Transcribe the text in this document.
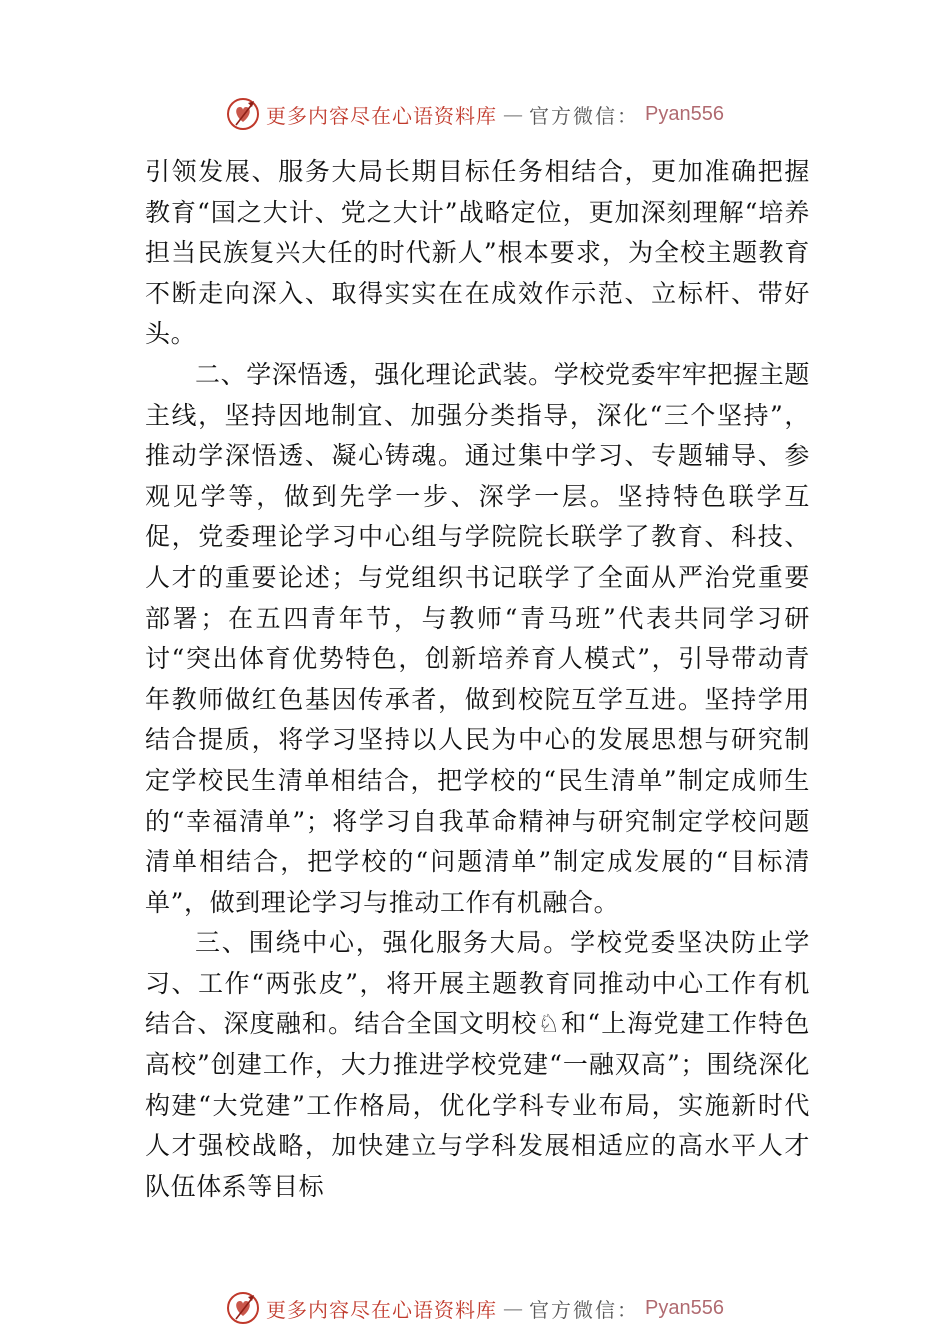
更多内容尽在心语资料库 — 官方微信： Pyan556

引领发展、服务大局长期目标任务相结合，更加准确把握教育“国之大计、党之大计”战略定位，更加深刻理解“培养担当民族复兴大任的时代新人”根本要求，为全校主题教育不断走向深入、取得实实在在成效作示范、立标杆、带好头。

二、学深悟透，强化理论武装。学校党委牢牢把握主题主线，坚持因地制宜、加强分类指导，深化“三个坚持”，推动学深悟透、凝心铸魂。通过集中学习、专题辅导、参观见学等，做到先学一步、深学一层。坚持特色联学互促，党委理论学习中心组与学院院长联学了教育、科技、人才的重要论述；与党组织书记联学了全面从严治党重要部署；在五四青年节，与教师“青马班”代表共同学习研讨“突出体育优势特色，创新培养育人模式”，引导带动青年教师做红色基因传承者，做到校院互学互进。坚持学用结合提质，将学习坚持以人民为中心的发展思想与研究制定学校民生清单相结合，把学校的“民生清单”制定成师生的“幸福清单”；将学习自我革命精神与研究制定学校问题清单相结合，把学校的“问题清单”制定成发展的“目标清单”，做到理论学习与推动工作有机融合。

三、围绕中心，强化服务大局。学校党委坚决防止学习、工作“两张皮”，将开展主题教育同推动中心工作有机结合、深度融和。结合全国文明校♘和“上海党建工作特色高校”创建工作，大力推进学校党建“一融双高”；围绕深化构建“大党建”工作格局，优化学科专业布局，实施新时代人才强校战略，加快建立与学科发展相适应的高水平人才队伍体系等目标

更多内容尽在心语资料库 — 官方微信： Pyan556
